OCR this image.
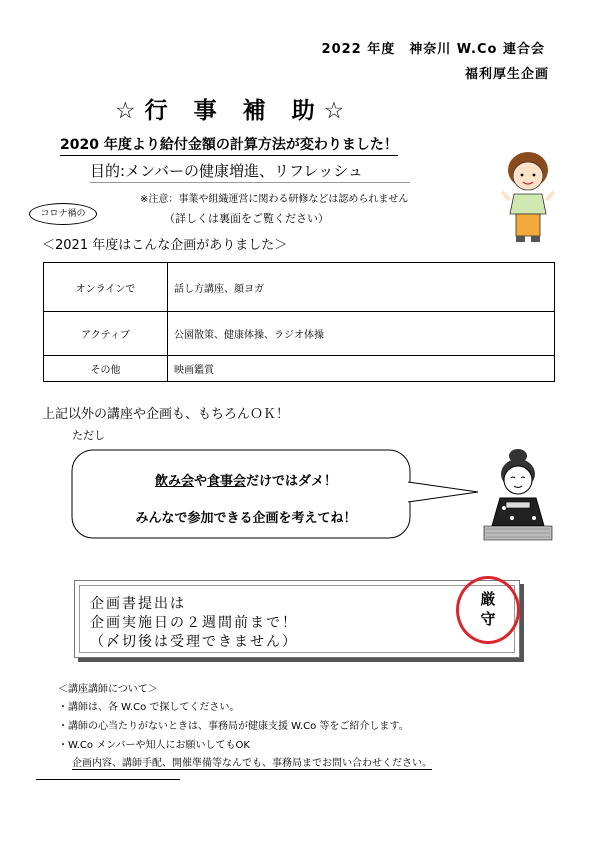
2022 年度　神奈川 W.Co 連合会
福利厚生企画
☆行 事 補 助☆
2020 年度より給付金額の計算方法が変わりました！
目的:メンバーの健康増進、リフレッシュ
※注意：事業や組織運営に関わる研修などは認められません
（詳しくは裏面をご覧ください）
コロナ禍の
＜2021 年度はこんな企画がありました＞
オンラインで	話し方講座、顔ヨガ
アクティブ	公園散策、健康体操、ラジオ体操
その他	映画鑑賞
上記以外の講座や企画も、もちろんＯＫ！
ただし
飲み会や食事会だけではダメ！
みんなで参加できる企画を考えてね！
企画書提出は
企画実施日の２週間前まで！
（〆切後は受理できません）
厳
守
＜講座講師について＞
・講師は、各 W.Co で探してください。
・講師の心当たりがないときは、事務局が健康支援 W.Co 等をご紹介します。
・W.Co メンバーや知人にお願いしてもOK
企画内容、講師手配、開催準備等なんでも、事務局までお問い合わせください。
